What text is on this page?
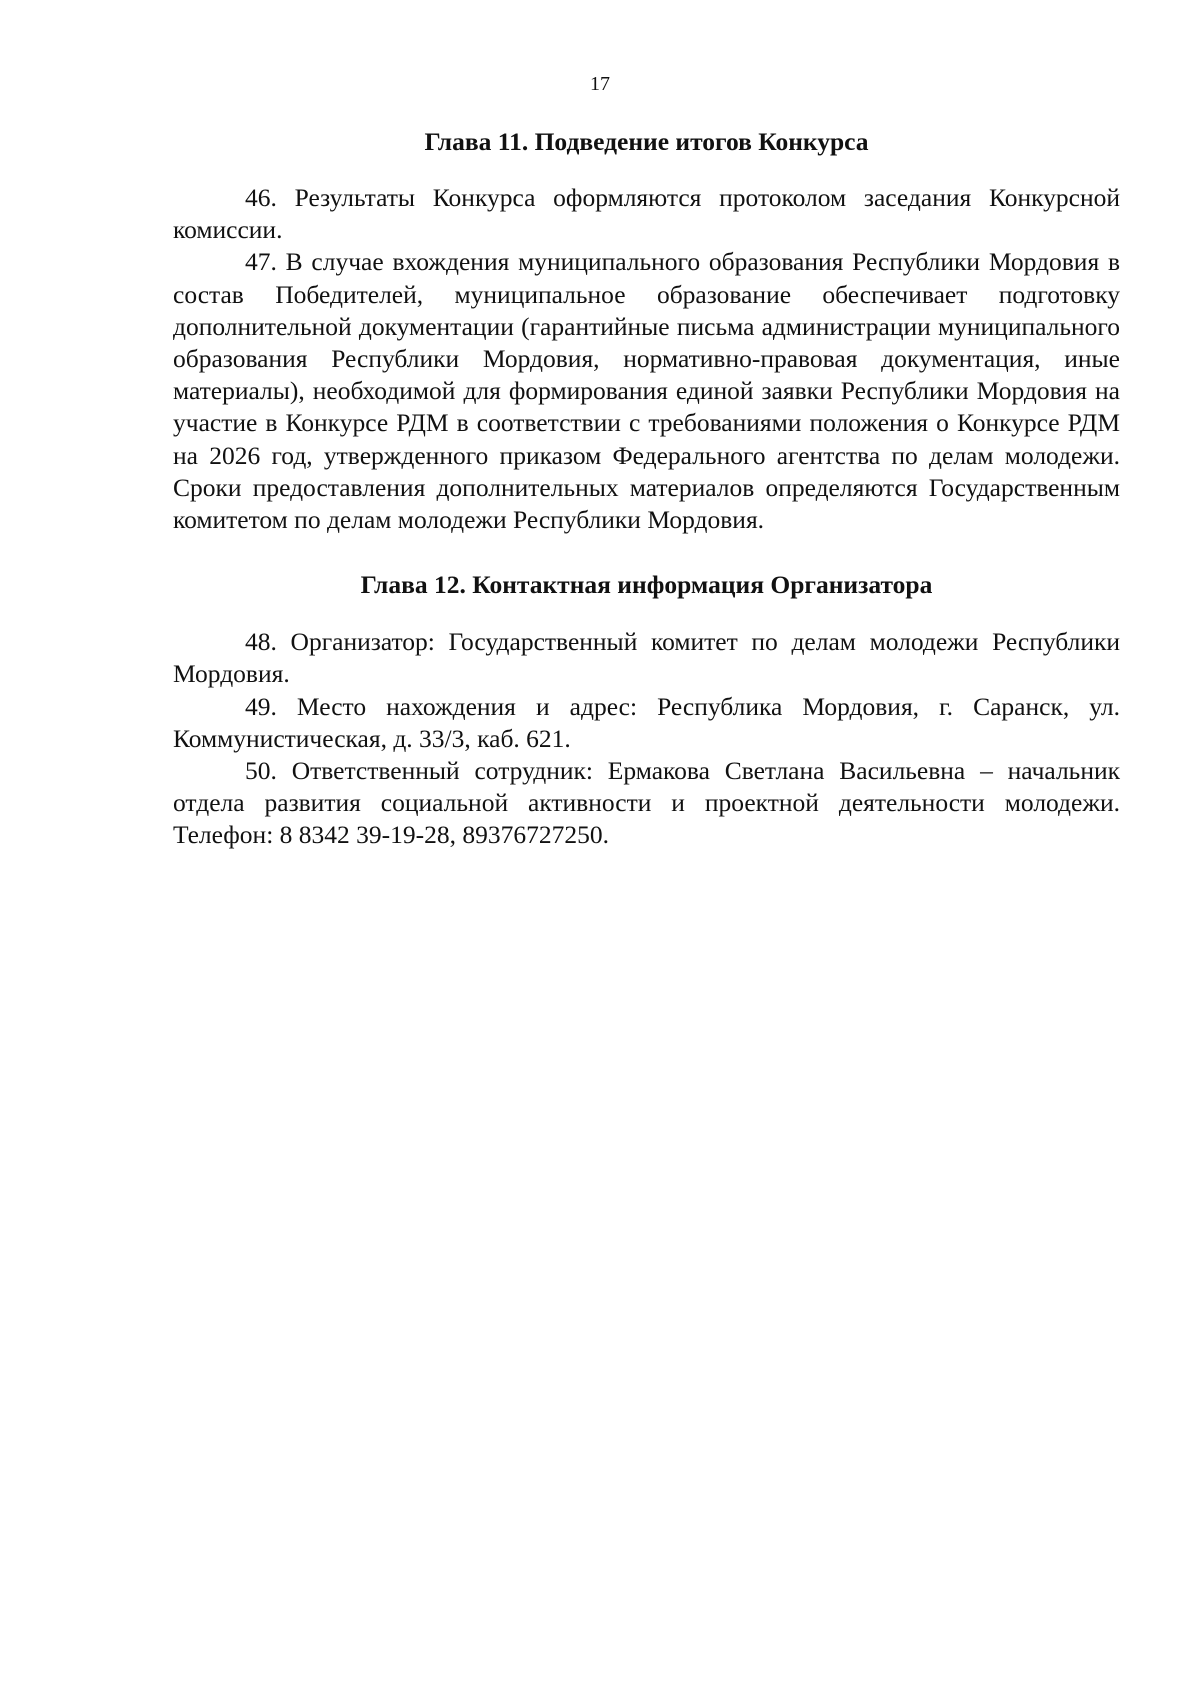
17
Глава 11. Подведение итогов Конкурса

46. Результаты Конкурса оформляются протоколом заседания Конкурсной комиссии.

47. В случае вхождения муниципального образования Республики Мордовия в состав Победителей, муниципальное образование обеспечивает подготовку дополнительной документации (гарантийные письма администрации муниципального образования Республики Мордовия, нормативно-правовая документация, иные материалы), необходимой для формирования единой заявки Республики Мордовия на участие в Конкурсе РДМ в соответствии с требованиями положения о Конкурсе РДМ на 2026 год, утвержденного приказом Федерального агентства по делам молодежи. Сроки предоставления дополнительных материалов определяются Государственным комитетом по делам молодежи Республики Мордовия.

Глава 12. Контактная информация Организатора

48. Организатор: Государственный комитет по делам молодежи Республики Мордовия.

49. Место нахождения и адрес: Республика Мордовия, г. Саранск, ул. Коммунистическая, д. 33/3, каб. 621.

50. Ответственный сотрудник: Ермакова Светлана Васильевна – начальник отдела развития социальной активности и проектной деятельности молодежи. Телефон: 8 8342 39-19-28, 89376727250.
